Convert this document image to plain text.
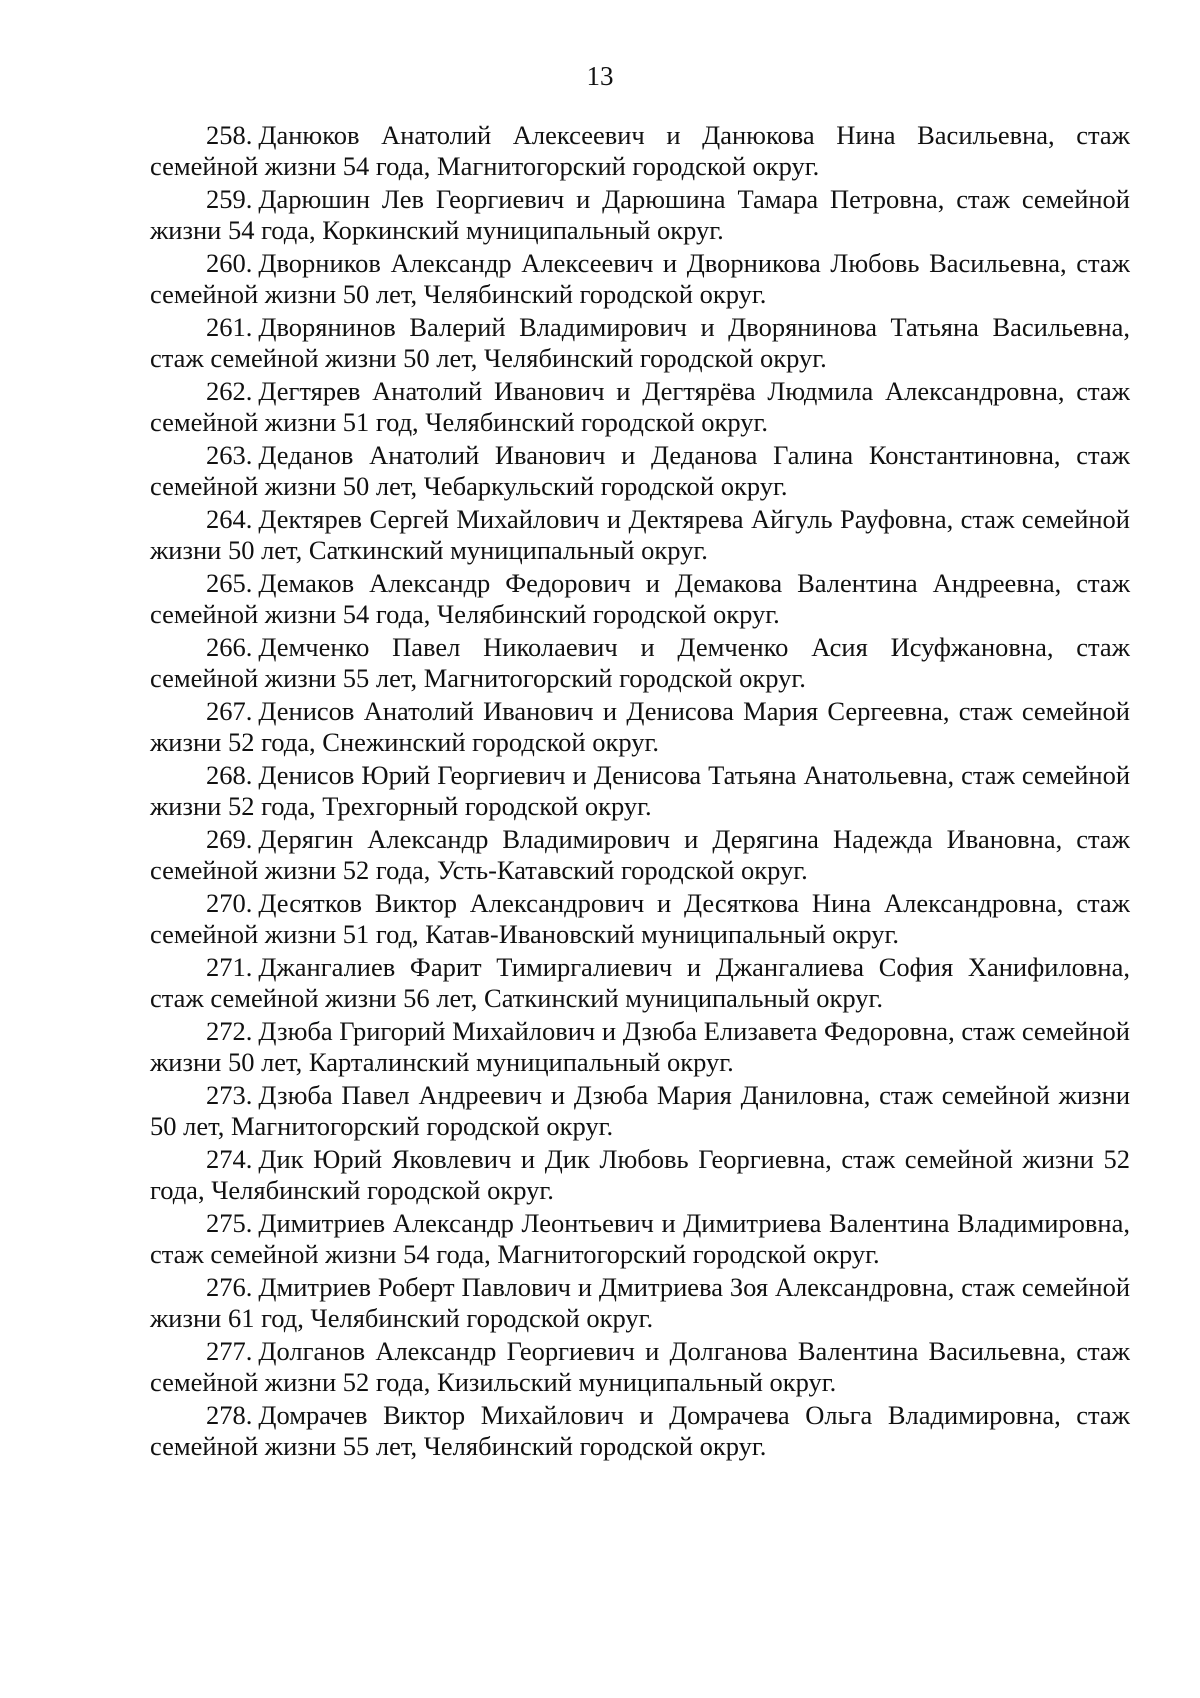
13

258. Данюков Анатолий Алексеевич и Данюкова Нина Васильевна, стаж семейной жизни 54 года, Магнитогорский городской округ.

259. Дарюшин Лев Георгиевич и Дарюшина Тамара Петровна, стаж семейной жизни 54 года, Коркинский муниципальный округ.

260. Дворников Александр Алексеевич и Дворникова Любовь Васильевна, стаж семейной жизни 50 лет, Челябинский городской округ.

261. Дворянинов Валерий Владимирович и Дворянинова Татьяна Васильевна, стаж семейной жизни 50 лет, Челябинский городской округ.

262. Дегтярев Анатолий Иванович и Дегтярёва Людмила Александровна, стаж семейной жизни 51 год, Челябинский городской округ.

263. Деданов Анатолий Иванович и Деданова Галина Константиновна, стаж семейной жизни 50 лет, Чебаркульский городской округ.

264. Дектярев Сергей Михайлович и Дектярева Айгуль Рауфовна, стаж семейной жизни 50 лет, Саткинский муниципальный округ.

265. Демаков Александр Федорович и Демакова Валентина Андреевна, стаж семейной жизни 54 года, Челябинский городской округ.

266. Демченко Павел Николаевич и Демченко Асия Исуфжановна, стаж семейной жизни 55 лет, Магнитогорский городской округ.

267. Денисов Анатолий Иванович и Денисова Мария Сергеевна, стаж семейной жизни 52 года, Снежинский городской округ.

268. Денисов Юрий Георгиевич и Денисова Татьяна Анатольевна, стаж семейной жизни 52 года, Трехгорный городской округ.

269. Дерягин Александр Владимирович и Дерягина Надежда Ивановна, стаж семейной жизни 52 года, Усть-Катавский городской округ.

270. Десятков Виктор Александрович и Десяткова Нина Александровна, стаж семейной жизни 51 год, Катав-Ивановский муниципальный округ.

271. Джангалиев Фарит Тимиргалиевич и Джангалиева София Ханифиловна, стаж семейной жизни 56 лет, Саткинский муниципальный округ.

272. Дзюба Григорий Михайлович и Дзюба Елизавета Федоровна, стаж семейной жизни 50 лет, Карталинский муниципальный округ.

273. Дзюба Павел Андреевич и Дзюба Мария Даниловна, стаж семейной жизни 50 лет, Магнитогорский городской округ.

274. Дик Юрий Яковлевич и Дик Любовь Георгиевна, стаж семейной жизни 52 года, Челябинский городской округ.

275. Димитриев Александр Леонтьевич и Димитриева Валентина Владимировна, стаж семейной жизни 54 года, Магнитогорский городской округ.

276. Дмитриев Роберт Павлович и Дмитриева Зоя Александровна, стаж семейной жизни 61 год, Челябинский городской округ.

277. Долганов Александр Георгиевич и Долганова Валентина Васильевна, стаж семейной жизни 52 года, Кизильский муниципальный округ.

278. Домрачев Виктор Михайлович и Домрачева Ольга Владимировна, стаж семейной жизни 55 лет, Челябинский городской округ.
